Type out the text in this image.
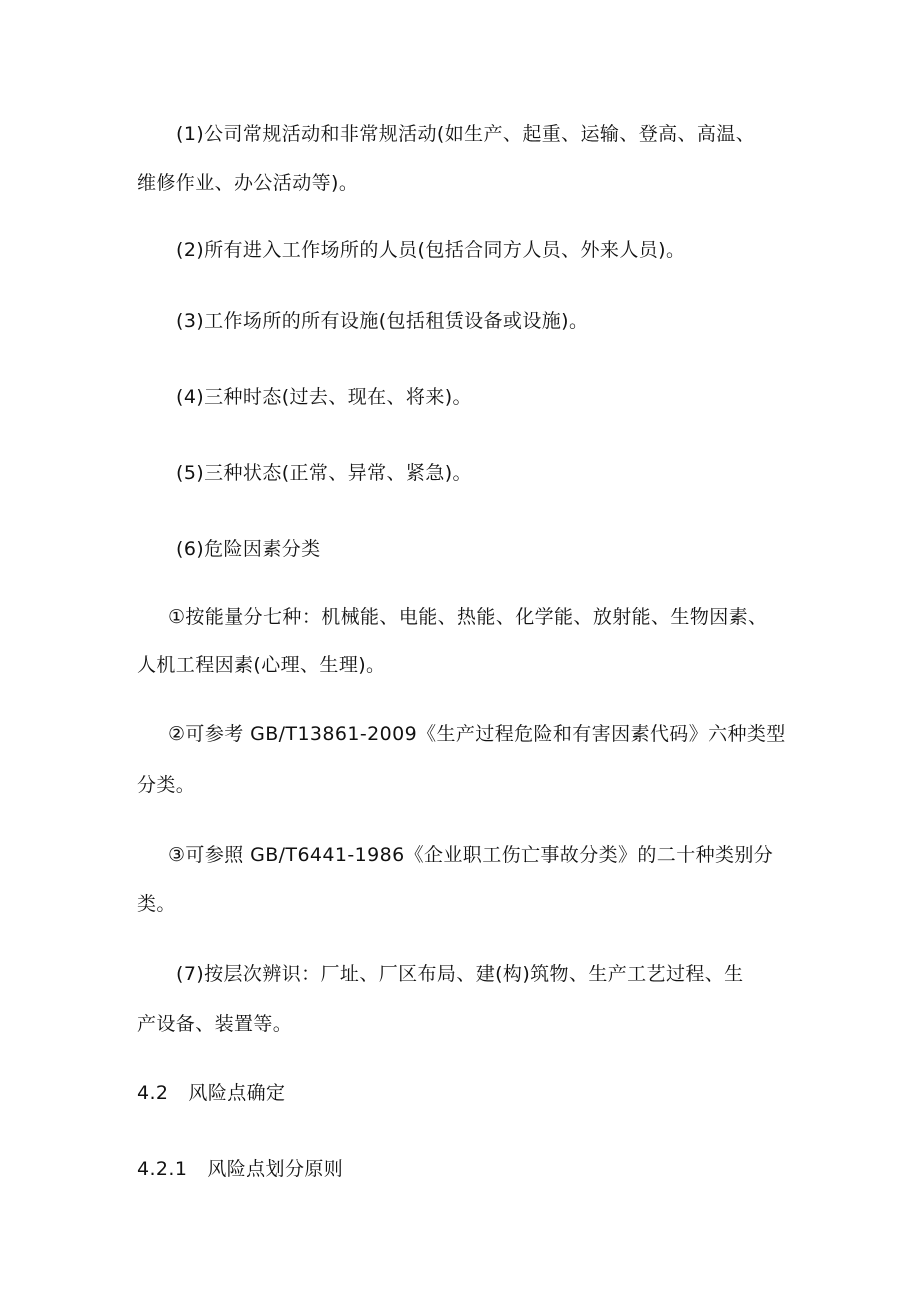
(1)公司常规活动和非常规活动(如生产、起重、运输、登高、高温、
维修作业、办公活动等)。
(2)所有进入工作场所的人员(包括合同方人员、外来人员)。
(3)工作场所的所有设施(包括租赁设备或设施)。
(4)三种时态(过去、现在、将来)。
(5)三种状态(正常、异常、紧急)。
(6)危险因素分类
①按能量分七种：机械能、电能、热能、化学能、放射能、生物因素、
人机工程因素(心理、生理)。
②可参考 GB/T13861-2009《生产过程危险和有害因素代码》六种类型
分类。
③可参照 GB/T6441-1986《企业职工伤亡事故分类》的二十种类别分
类。
(7)按层次辨识：厂址、厂区布局、建(构)筑物、生产工艺过程、生
产设备、装置等。
4.2 风险点确定
4.2.1 风险点划分原则
